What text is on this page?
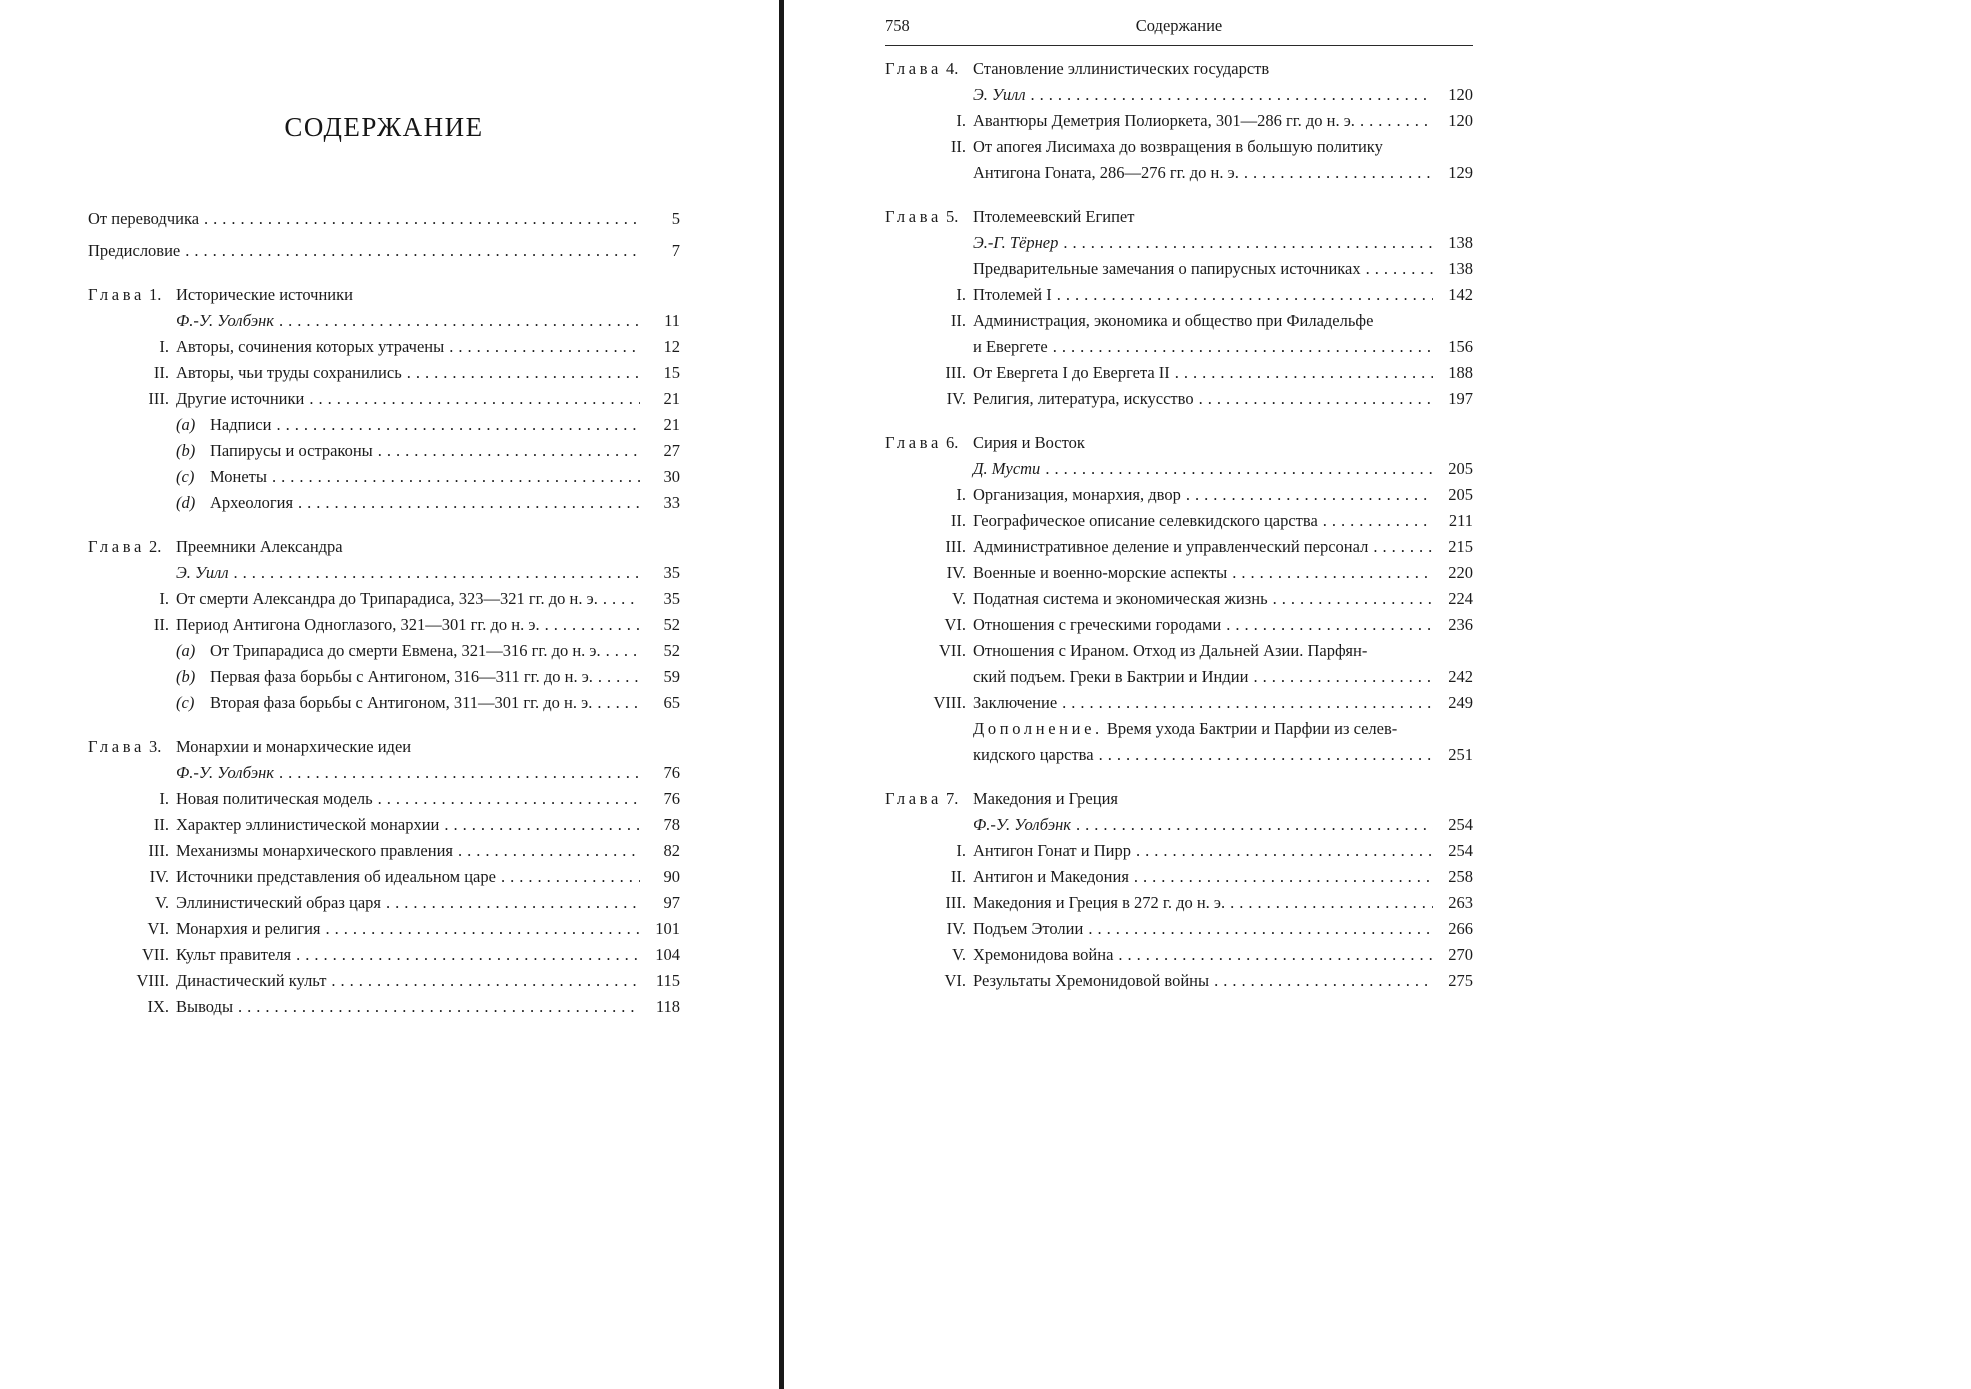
СОДЕРЖАНИЕ
От переводчика .....	5
Предисловие .....	7
Глава 1. Исторические источники

Ф.-У. Уолбэнк .....	11
I. Авторы, сочинения которых утрачены .....	12
II. Авторы, чьи труды сохранились .....	15
III. Другие источники .....	21

(a) Надписи .....	21

(b) Папирусы и остраконы .....	27

(c) Монеты .....	30

(d) Археология .....	33
Глава 2. Преемники Александра

Э. Уилл .....	35
I. От смерти Александра до Трипарадиса, 323—321 гг. до н. э. .....	35
II. Период Антигона Одноглазого, 321—301 гг. до н. э. .....	52

(a) От Трипарадиса до смерти Евмена, 321—316 гг. до н. э. .....	52

(b) Первая фаза борьбы с Антигоном, 316—311 гг. до н. э. .....	59

(c) Вторая фаза борьбы с Антигоном, 311—301 гг. до н. э. .....	65
Глава 3. Монархии и монархические идеи

Ф.-У. Уолбэнк .....	76
I. Новая политическая модель .....	76
II. Характер эллинистической монархии .....	78
III. Механизмы монархического правления .....	82
IV. Источники представления об идеальном царе .....	90
V. Эллинистический образ царя .....	97
VI. Монархия и религия .....	101
VII. Культ правителя .....	104
VIII. Династический культ .....	115
IX. Выводы .....	118
758	Содержание
Глава 4. Становление эллинистических государств

Э. Уилл .....	120
I. Авантюры Деметрия Полиоркета, 301—286 гг. до н. э. .....	120
II. От апогея Лисимаха до возвращения в большую политику

Антигона Гоната, 286—276 гг. до н. э. .....	129
Глава 5. Птолемеевский Египет

Э.-Г. Тёрнер .....	138

Предварительные замечания о папирусных источниках .....	138
I. Птолемей I .....	142
II. Администрация, экономика и общество при Филадельфе

и Евергете .....	156
III. От Евергета I до Евергета II .....	188
IV. Религия, литература, искусство .....	197
Глава 6. Сирия и Восток

Д. Мусти .....	205
I. Организация, монархия, двор .....	205
II. Географическое описание селевкидского царства .....	211
III. Административное деление и управленческий персонал .....	215
IV. Военные и военно-морские аспекты .....	220
V. Податная система и экономическая жизнь .....	224
VI. Отношения с греческими городами .....	236
VII. Отношения с Ираном. Отход из Дальней Азии. Парфян-

ский подъем. Греки в Бактрии и Индии .....	242
VIII. Заключение .....	249

Дополнение. Время ухода Бактрии и Парфии из селев-

кидского царства .....	251
Глава 7. Македония и Греция

Ф.-У. Уолбэнк .....	254
I. Антигон Гонат и Пирр .....	254
II. Антигон и Македония .....	258
III. Македония и Греция в 272 г. до н. э. .....	263
IV. Подъем Этолии .....	266
V. Хремонидова война .....	270
VI. Результаты Хремонидовой войны .....	275
